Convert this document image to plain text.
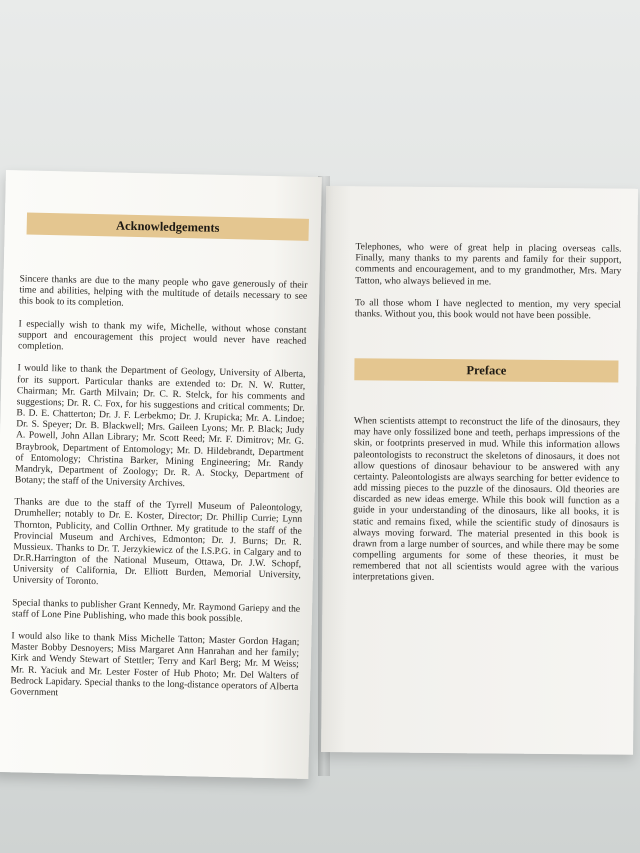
Telephones, who were of great help in placing overseas calls. Finally, many thanks to my parents and family for their support, comments and encouragement, and to my grandmother, Mrs. Mary Tatton, who always believed in me.

To all those whom I have neglected to mention, my very special thanks. Without you, this book would not have been possible.

Preface

When scientists attempt to reconstruct the life of the dinosaurs, they may have only fossilized bone and teeth, perhaps impressions of the skin, or footprints preserved in mud. While this information allows paleontologists to reconstruct the skeletons of dinosaurs, it does not allow questions of dinosaur behaviour to be answered with any certainty. Paleontologists are always searching for better evidence to add missing pieces to the puzzle of the dinosaurs. Old theories are discarded as new ideas emerge. While this book will function as a guide in your understanding of the dinosaurs, like all books, it is static and remains fixed, while the scientific study of dinosaurs is always moving forward. The material presented in this book is drawn from a large number of sources, and while there may be some compelling arguments for some of these theories, it must be remembered that not all scientists would agree with the various interpretations given.

Acknowledgements

Sincere thanks are due to the many people who gave generously of their time and abilities, helping with the multitude of details necessary to see this book to its completion.

I especially wish to thank my wife, Michelle, without whose constant support and encouragement this project would never have reached completion.

I would like to thank the Department of Geology, University of Alberta, for its support. Particular thanks are extended to: Dr. N. W. Rutter, Chairman; Mr. Garth Milvain; Dr. C. R. Stelck, for his comments and suggestions; Dr. R. C. Fox, for his suggestions and critical comments; Dr. B. D. E. Chatterton; Dr. J. F. Lerbekmo; Dr. J. Krupicka; Mr. A. Lindoe; Dr. S. Speyer; Dr. B. Blackwell; Mrs. Gaileen Lyons; Mr. P. Black; Judy A. Powell, John Allan Library; Mr. Scott Reed; Mr. F. Dimitrov; Mr. G. Braybrook, Department of Entomology; Mr. D. Hildebrandt, Department of Entomology; Christina Barker, Mining Engineering; Mr. Randy Mandryk, Department of Zoology; Dr. R. A. Stocky, Department of Botany; the staff of the University Archives.

Thanks are due to the staff of the Tyrrell Museum of Paleontology, Drumheller; notably to Dr. E. Koster, Director; Dr. Phillip Currie; Lynn Thornton, Publicity, and Collin Orthner. My gratitude to the staff of the Provincial Museum and Archives, Edmonton; Dr. J. Burns; Dr. R. Mussieux. Thanks to Dr. T. Jerzykiewicz of the I.S.P.G. in Calgary and to Dr.R.Harrington of the National Museum, Ottawa, Dr. J.W. Schopf, University of California, Dr. Elliott Burden, Memorial University, University of Toronto.

Special thanks to publisher Grant Kennedy, Mr. Raymond Gariepy and the staff of Lone Pine Publishing, who made this book possible.

I would also like to thank Miss Michelle Tatton; Master Gordon Hagan; Master Bobby Desnoyers; Miss Margaret Ann Hanrahan and her family; Kirk and Wendy Stewart of Stettler; Terry and Karl Berg; Mr. M Weiss; Mr. R. Yaciuk and Mr. Lester Foster of Hub Photo; Mr. Del Walters of Bedrock Lapidary. Special thanks to the long-distance operators of Alberta Government
